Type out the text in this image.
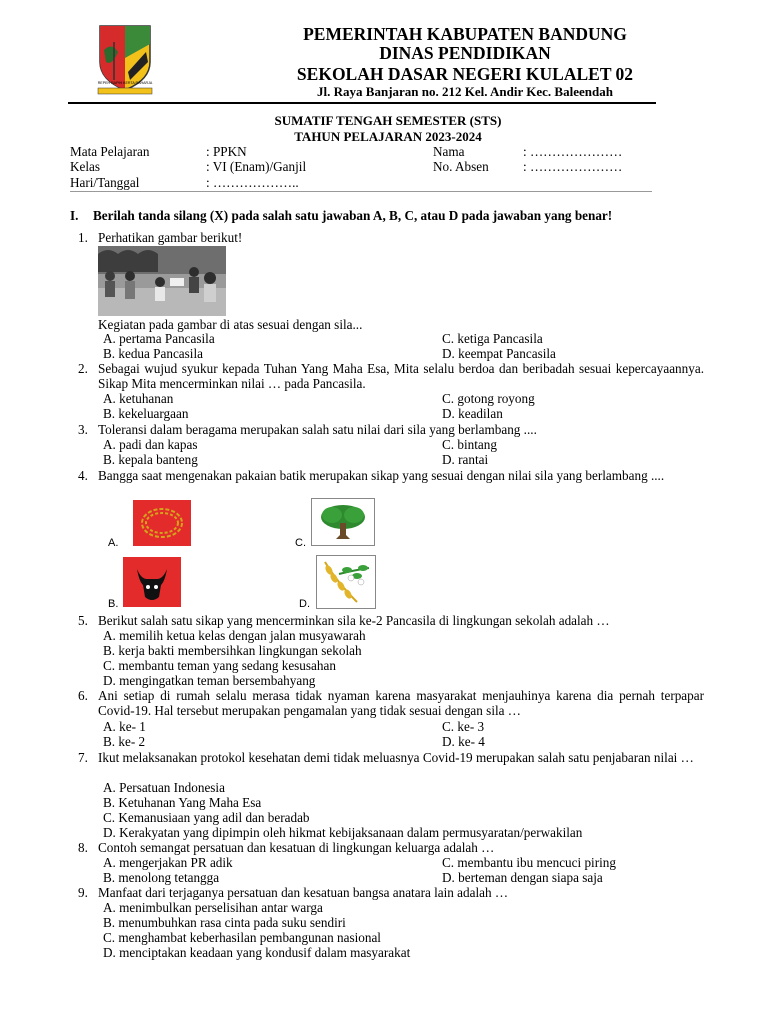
REPEH RAPIH KERTA RAHARJA
PEMERINTAH KABUPATEN BANDUNG
DINAS PENDIDIKAN
SEKOLAH DASAR NEGERI KULALET 02
Jl. Raya Banjaran no. 212 Kel. Andir Kec. Baleendah
SUMATIF TENGAH SEMESTER (STS)
TAHUN PELAJARAN 2023-2024
Mata Pelajaran	: PPKN	Nama	: …………………
Kelas	: VI (Enam)/Ganjil	No. Absen	: …………………
Hari/Tanggal	: ………………..
I. Berilah tanda silang (X) pada salah satu jawaban A, B, C, atau D pada jawaban yang benar!
1. Perhatikan gambar berikut!
Kegiatan pada gambar di atas sesuai dengan sila...
A. pertama Pancasila	C. ketiga Pancasila
B. kedua Pancasila	D. keempat Pancasila
2. Sebagai wujud syukur kepada Tuhan Yang Maha Esa, Mita selalu berdoa dan beribadah sesuai kepercayaannya. Sikap Mita mencerminkan nilai … pada Pancasila.
A. ketuhanan	C. gotong royong
B. kekeluargaan	D. keadilan
3. Toleransi dalam beragama merupakan salah satu nilai dari sila yang berlambang ....
A. padi dan kapas	C. bintang
B. kepala banteng	D. rantai
4. Bangga saat mengenakan pakaian batik merupakan sikap yang sesuai dengan nilai sila yang berlambang ....
A.	C.
B.	D.
5. Berikut salah satu sikap yang mencerminkan sila ke-2 Pancasila di lingkungan sekolah adalah …
A. memilih ketua kelas dengan jalan musyawarah
B. kerja bakti membersihkan lingkungan sekolah
C. membantu teman yang sedang kesusahan
D. mengingatkan teman bersembahyang
6. Ani setiap di rumah selalu merasa tidak nyaman karena masyarakat menjauhinya karena dia pernah terpapar Covid-19. Hal tersebut merupakan pengamalan yang tidak sesuai dengan sila …
A. ke- 1	C. ke- 3
B. ke- 2	D. ke- 4
7. Ikut melaksanakan protokol kesehatan demi tidak meluasnya Covid-19 merupakan salah satu penjabaran nilai …
A. Persatuan Indonesia
B. Ketuhanan Yang Maha Esa
C. Kemanusiaan yang adil dan beradab
D. Kerakyatan yang dipimpin oleh hikmat kebijaksanaan dalam permusyaratan/perwakilan
8. Contoh semangat persatuan dan kesatuan di lingkungan keluarga adalah …
A. mengerjakan PR adik	C. membantu ibu mencuci piring
B. menolong tetangga	D. berteman dengan siapa saja
9. Manfaat dari terjaganya persatuan dan kesatuan bangsa anatara lain adalah …
A. menimbulkan perselisihan antar warga
B. menumbuhkan rasa cinta pada suku sendiri
C. menghambat keberhasilan pembangunan nasional
D. menciptakan keadaan yang kondusif dalam masyarakat
